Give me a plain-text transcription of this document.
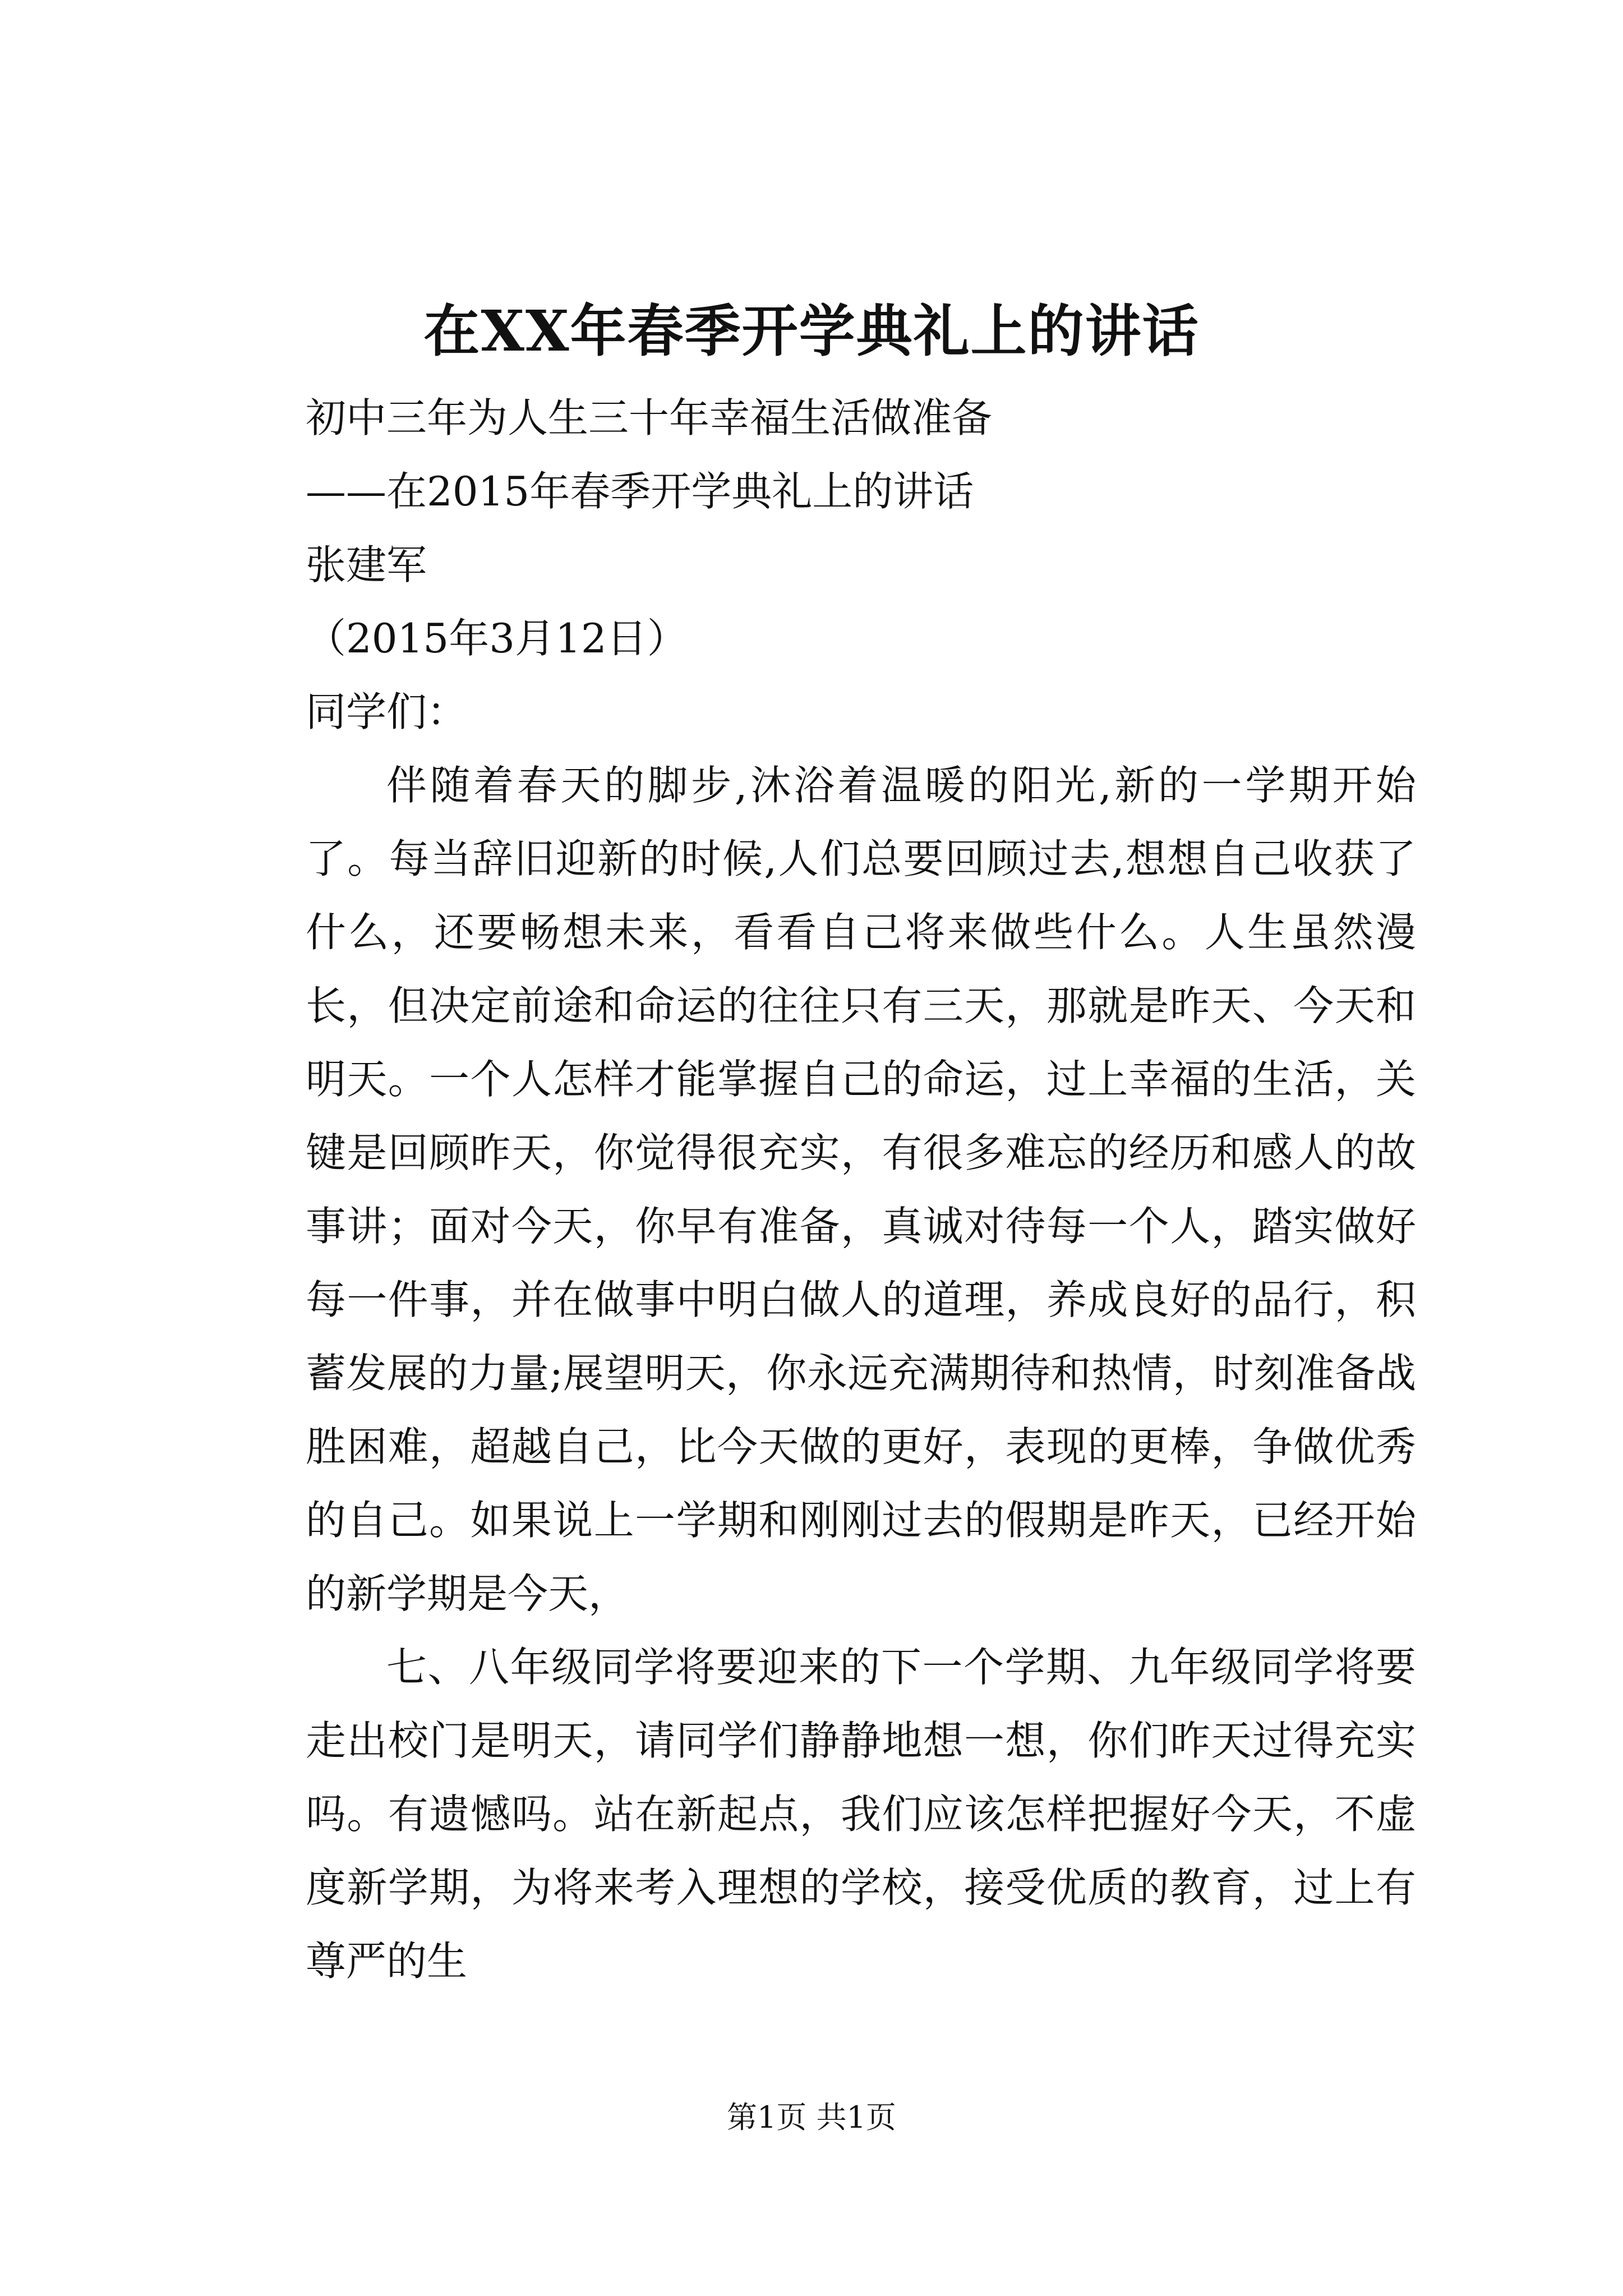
在XX年春季开学典礼上的讲话
初中三年为人生三十年幸福生活做准备
——在2015年春季开学典礼上的讲话
张建军
（2015年3月12日）
同学们：

伴随着春天的脚步,沐浴着温暖的阳光,新的一学期开始了。每当辞旧迎新的时候,人们总要回顾过去,想想自己收获了什么，还要畅想未来，看看自己将来做些什么。人生虽然漫长，但决定前途和命运的往往只有三天，那就是昨天、今天和明天。一个人怎样才能掌握自己的命运，过上幸福的生活，关键是回顾昨天，你觉得很充实，有很多难忘的经历和感人的故事讲；面对今天，你早有准备，真诚对待每一个人，踏实做好每一件事，并在做事中明白做人的道理，养成良好的品行，积蓄发展的力量;展望明天，你永远充满期待和热情，时刻准备战胜困难，超越自己，比今天做的更好，表现的更棒，争做优秀的自己。如果说上一学期和刚刚过去的假期是昨天，已经开始的新学期是今天，

七、八年级同学将要迎来的下一个学期、九年级同学将要走出校门是明天，请同学们静静地想一想，你们昨天过得充实吗。有遗憾吗。站在新起点，我们应该怎样把握好今天，不虚度新学期，为将来考入理想的学校，接受优质的教育，过上有尊严的生

第1页 共1页
